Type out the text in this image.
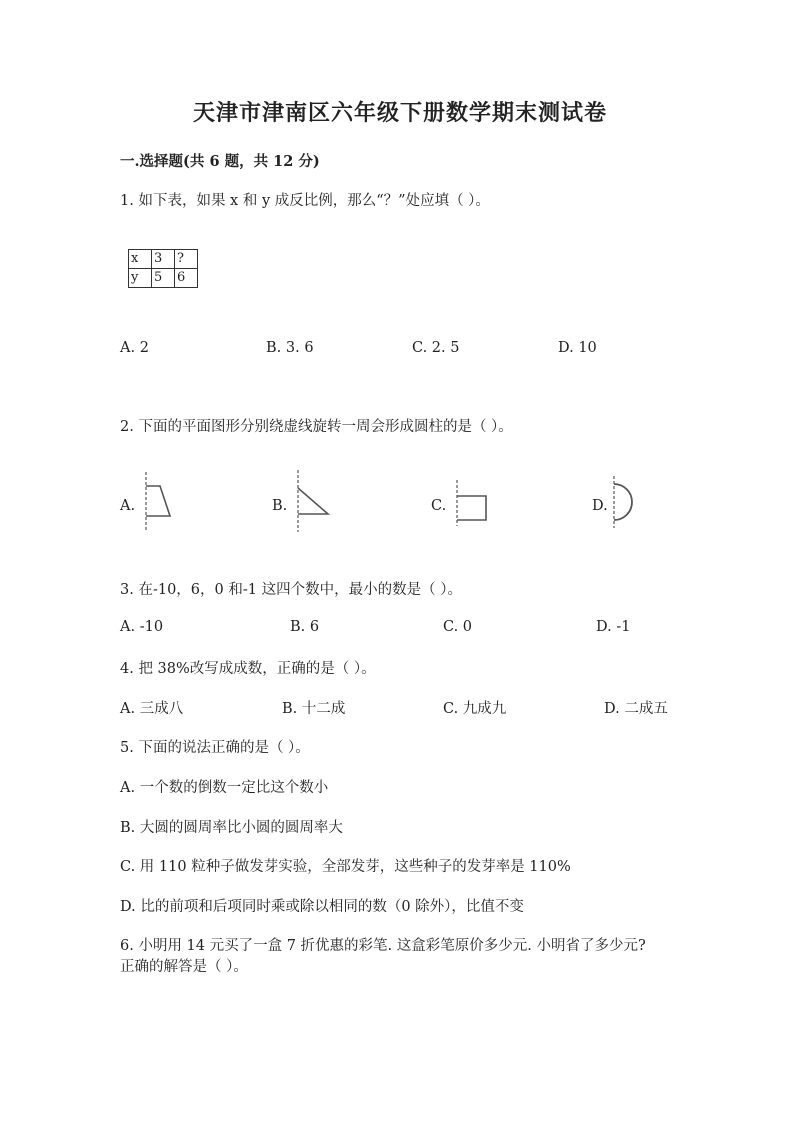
天津市津南区六年级下册数学期末测试卷
一.选择题(共 6 题，共 12 分)
1. 如下表，如果 x 和 y 成反比例，那么“？”处应填（ ）。
x	3	?
y	5	6
A. 2	B. 3. 6	C. 2. 5	D. 10
2. 下面的平面图形分别绕虚线旋转一周会形成圆柱的是（ ）。
A.	B.	C.	D.
3. 在-10，6，0 和-1 这四个数中，最小的数是（ ）。
A. -10	B. 6	C. 0	D. -1
4. 把 38%改写成成数，正确的是（ ）。
A. 三成八	B. 十二成	C. 九成九	D. 二成五
5. 下面的说法正确的是（ ）。
A. 一个数的倒数一定比这个数小
B. 大圆的圆周率比小圆的圆周率大
C. 用 110 粒种子做发芽实验，全部发芽，这些种子的发芽率是 110%
D. 比的前项和后项同时乘或除以相同的数（0 除外），比值不变
6. 小明用 14 元买了一盒 7 折优惠的彩笔. 这盒彩笔原价多少元. 小明省了多少元?
正确的解答是（ ）。
